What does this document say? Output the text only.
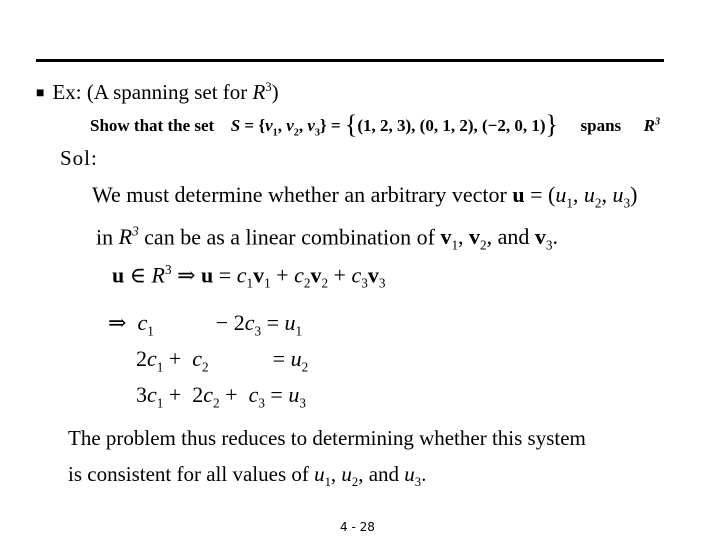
■ Ex: (A spanning set for $R^3$)
Show that the set $S = \{v_1$, $v_2$, $v_3\} = \{(1$, 2, 3), (0, 1, 2), (−2, 0, 1)} spans $R^3$
Sol:
We must determine whether an arbitrary vector $u = (u_1$, $u_2$, $u_3$)
in $R^3$ can be as a linear combination of $v_1$, $v_2$, and $v_3$.
u ∈ $R^3$ ⇒ $u = c_1v_1 + c_2v_2 + c_3v_3$
⇒  $c_1$	− $2c_3 = u_1$
$2c_1 + c_2$	= $u_2$
$3c_1 + 2c_2 + c_3 = u_3$
The problem thus reduces to determining whether this system
is consistent for all values of $u_1$, $u_2$, and $u_3$.
4 - 28
